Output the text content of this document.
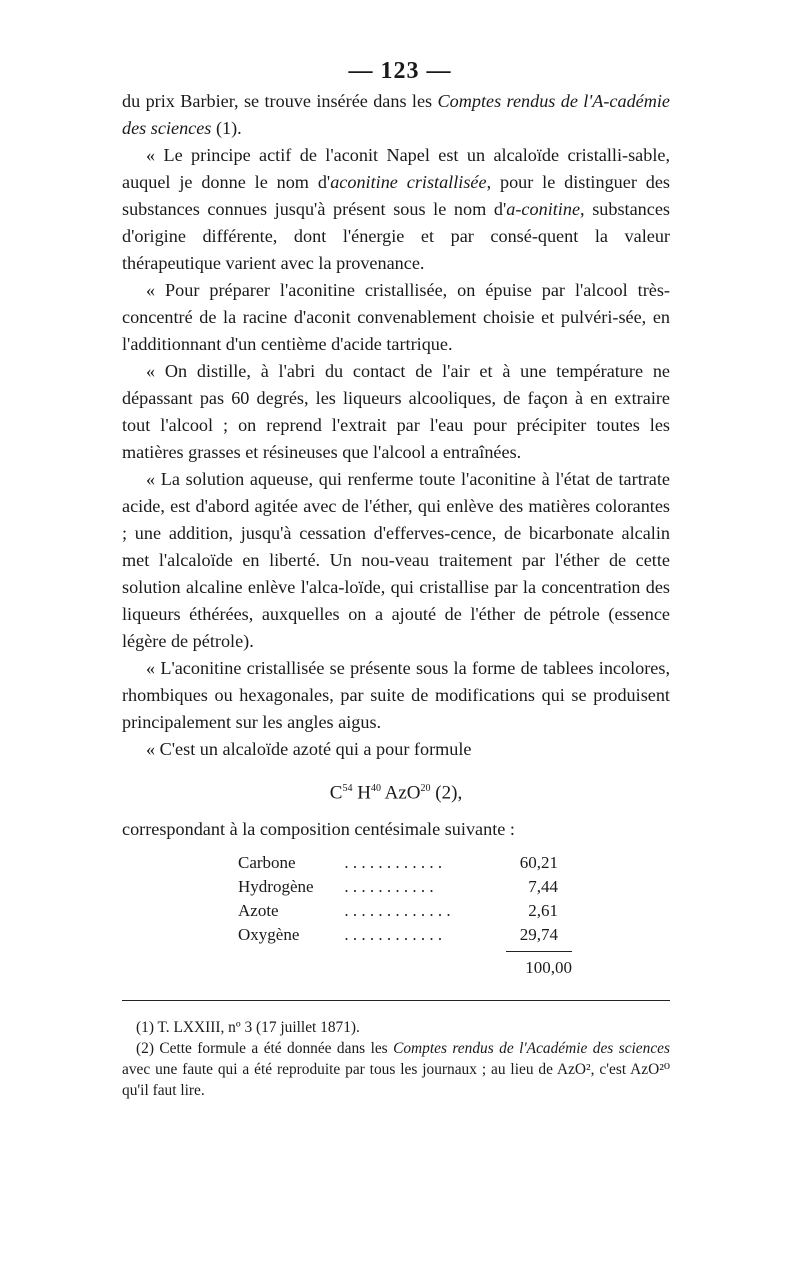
— 123 —

du prix Barbier, se trouve insérée dans les Comptes rendus de l'A-cadémie des sciences (1).

« Le principe actif de l'aconit Napel est un alcaloïde cristalli-sable, auquel je donne le nom d'aconitine cristallisée, pour le distinguer des substances connues jusqu'à présent sous le nom d'a-conitine, substances d'origine différente, dont l'énergie et par consé-quent la valeur thérapeutique varient avec la provenance.

« Pour préparer l'aconitine cristallisée, on épuise par l'alcool très-concentré de la racine d'aconit convenablement choisie et pulvéri-sée, en l'additionnant d'un centième d'acide tartrique.

« On distille, à l'abri du contact de l'air et à une température ne dépassant pas 60 degrés, les liqueurs alcooliques, de façon à en extraire tout l'alcool ; on reprend l'extrait par l'eau pour précipiter toutes les matières grasses et résineuses que l'alcool a entraînées.

« La solution aqueuse, qui renferme toute l'aconitine à l'état de tartrate acide, est d'abord agitée avec de l'éther, qui enlève des matières colorantes ; une addition, jusqu'à cessation d'efferves-cence, de bicarbonate alcalin met l'alcaloïde en liberté. Un nou-veau traitement par l'éther de cette solution alcaline enlève l'alca-loïde, qui cristallise par la concentration des liqueurs éthérées, auxquelles on a ajouté de l'éther de pétrole (essence légère de pétrole).

« L'aconitine cristallisée se présente sous la forme de tablees incolores, rhombiques ou hexagonales, par suite de modifications qui se produisent principalement sur les angles aigus.

« C'est un alcaloïde azoté qui a pour formule

$C^{54}$ $H^{40}$ AzO$^{20}$ (2),

correspondant à la composition centésimale suivante :

Carbone	. . . . . . . . . . . .	60,21
Hydrogène	. . . . . . . . . . .	7,44
Azote	. . . . . . . . . . . . .	2,61
Oxygène	. . . . . . . . . . . .	29,74
100,00

(1) T. LXXIII, nº 3 (17 juillet 1871).

(2) Cette formule a été donnée dans les Comptes rendus de l'Académie des sciences avec une faute qui a été reproduite par tous les journaux ; au lieu de AzO², c'est AzO²⁰ qu'il faut lire.
